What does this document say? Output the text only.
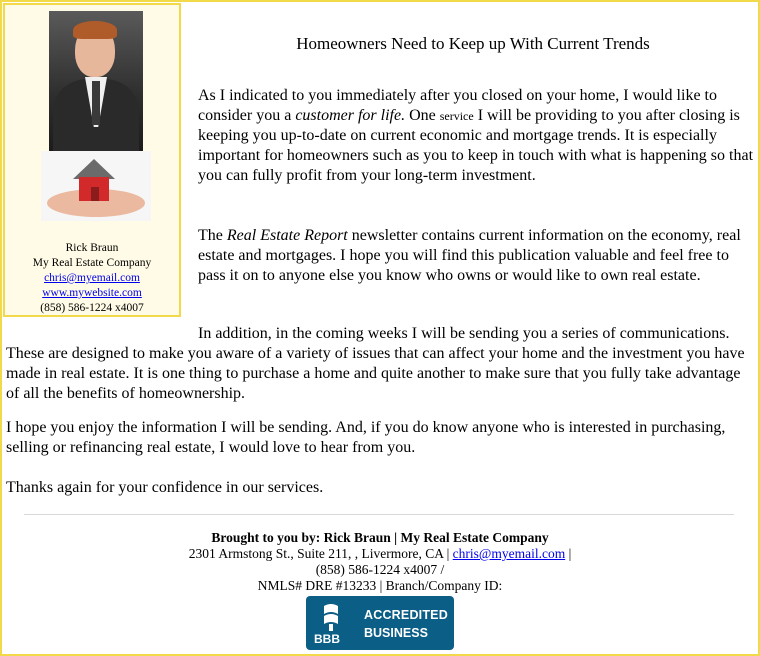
Rick Braun
My Real Estate Company
chris@myemail.com
www.mywebsite.com
(858) 586-1224 x4007
Homeowners Need to Keep up With Current Trends
As I indicated to you immediately after you closed on your home, I would like to consider you a customer for life. One service I will be providing to you after closing is keeping you up-to-date on current economic and mortgage trends. It is especially important for homeowners such as you to keep in touch with what is happening so that you can fully profit from your long-term investment.
The Real Estate Report newsletter contains current information on the economy, real estate and mortgages. I hope you will find this publication valuable and feel free to pass it on to anyone else you know who owns or would like to own real estate.
In addition, in the coming weeks I will be sending you a series of communications. These are designed to make you aware of a variety of issues that can affect your home and the investment you have made in real estate. It is one thing to purchase a home and quite another to make sure that you fully take advantage of all the benefits of homeownership.
I hope you enjoy the information I will be sending. And, if you do know anyone who is interested in purchasing, selling or refinancing real estate, I would love to hear from you.
Thanks again for your confidence in our services.
Brought to you by: Rick Braun | My Real Estate Company
2301 Armstong St., Suite 211, , Livermore, CA | chris@myemail.com |
(858) 586-1224 x4007 /
NMLS# DRE #13233 | Branch/Company ID:
BBB
ACCREDITED
BUSINESS
